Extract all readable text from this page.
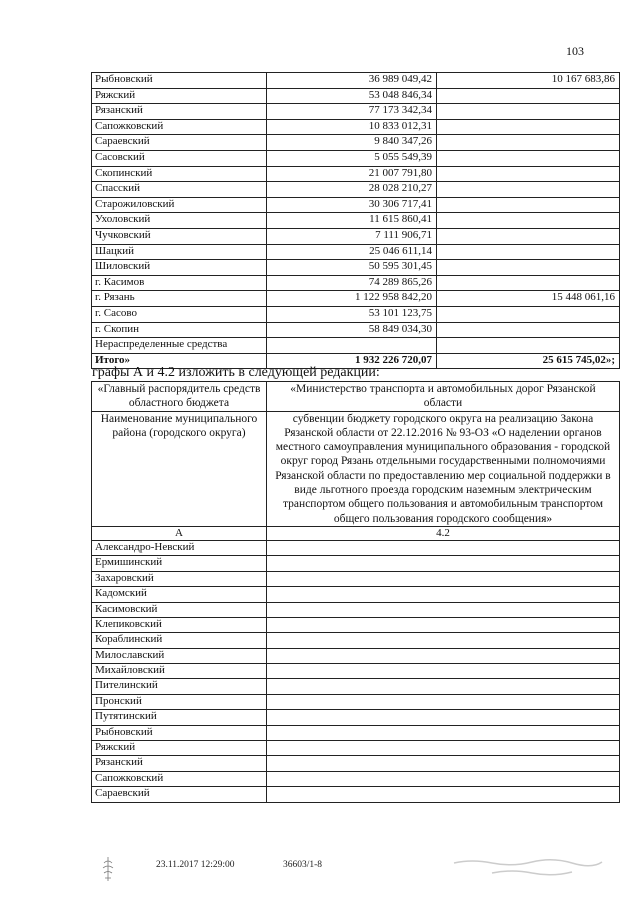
103
Рыбновский	36 989 049,42	10 167 683,86
Ряжский	53 048 846,34	
Рязанский	77 173 342,34	
Сапожковский	10 833 012,31	
Сараевский	9 840 347,26	
Сасовский	5 055 549,39	
Скопинский	21 007 791,80	
Спасский	28 028 210,27	
Старожиловский	30 306 717,41	
Ухоловский	11 615 860,41	
Чучковский	7 111 906,71	
Шацкий	25 046 611,14	
Шиловский	50 595 301,45	
г. Касимов	74 289 865,26	
г. Рязань	1 122 958 842,20	15 448 061,16
г. Сасово	53 101 123,75	
г. Скопин	58 849 034,30	
Нераспределенные средства		
Итого»	1 932 226 720,07	25 615 745,02»;
графы А и 4.2 изложить в следующей редакции:
«Главный распорядитель средств областного бюджета	«Министерство транспорта и автомобильных дорог Рязанской области
Наименование муниципального района (городского округа)	субвенции бюджету городского округа на реализацию Закона Рязанской области от 22.12.2016 № 93-ОЗ «О наделении органов местного самоуправления муниципального образования - городской округ город Рязань отдельными государственными полномочиями Рязанской области по предоставлению мер социальной поддержки в виде льготного проезда городским наземным электрическим транспортом общего пользования и автомобильным транспортом общего пользования городского сообщения»
А	4.2
Александро-Невский	
Ермишинский	
Захаровский	
Кадомский	
Касимовский	
Клепиковский	
Кораблинский	
Милославский	
Михайловский	
Пителинский	
Пронский	
Путятинский	
Рыбновский	
Ряжский	
Рязанский	
Сапожковский	
Сараевский	
23.11.2017 12:29:00	36603/1-8
